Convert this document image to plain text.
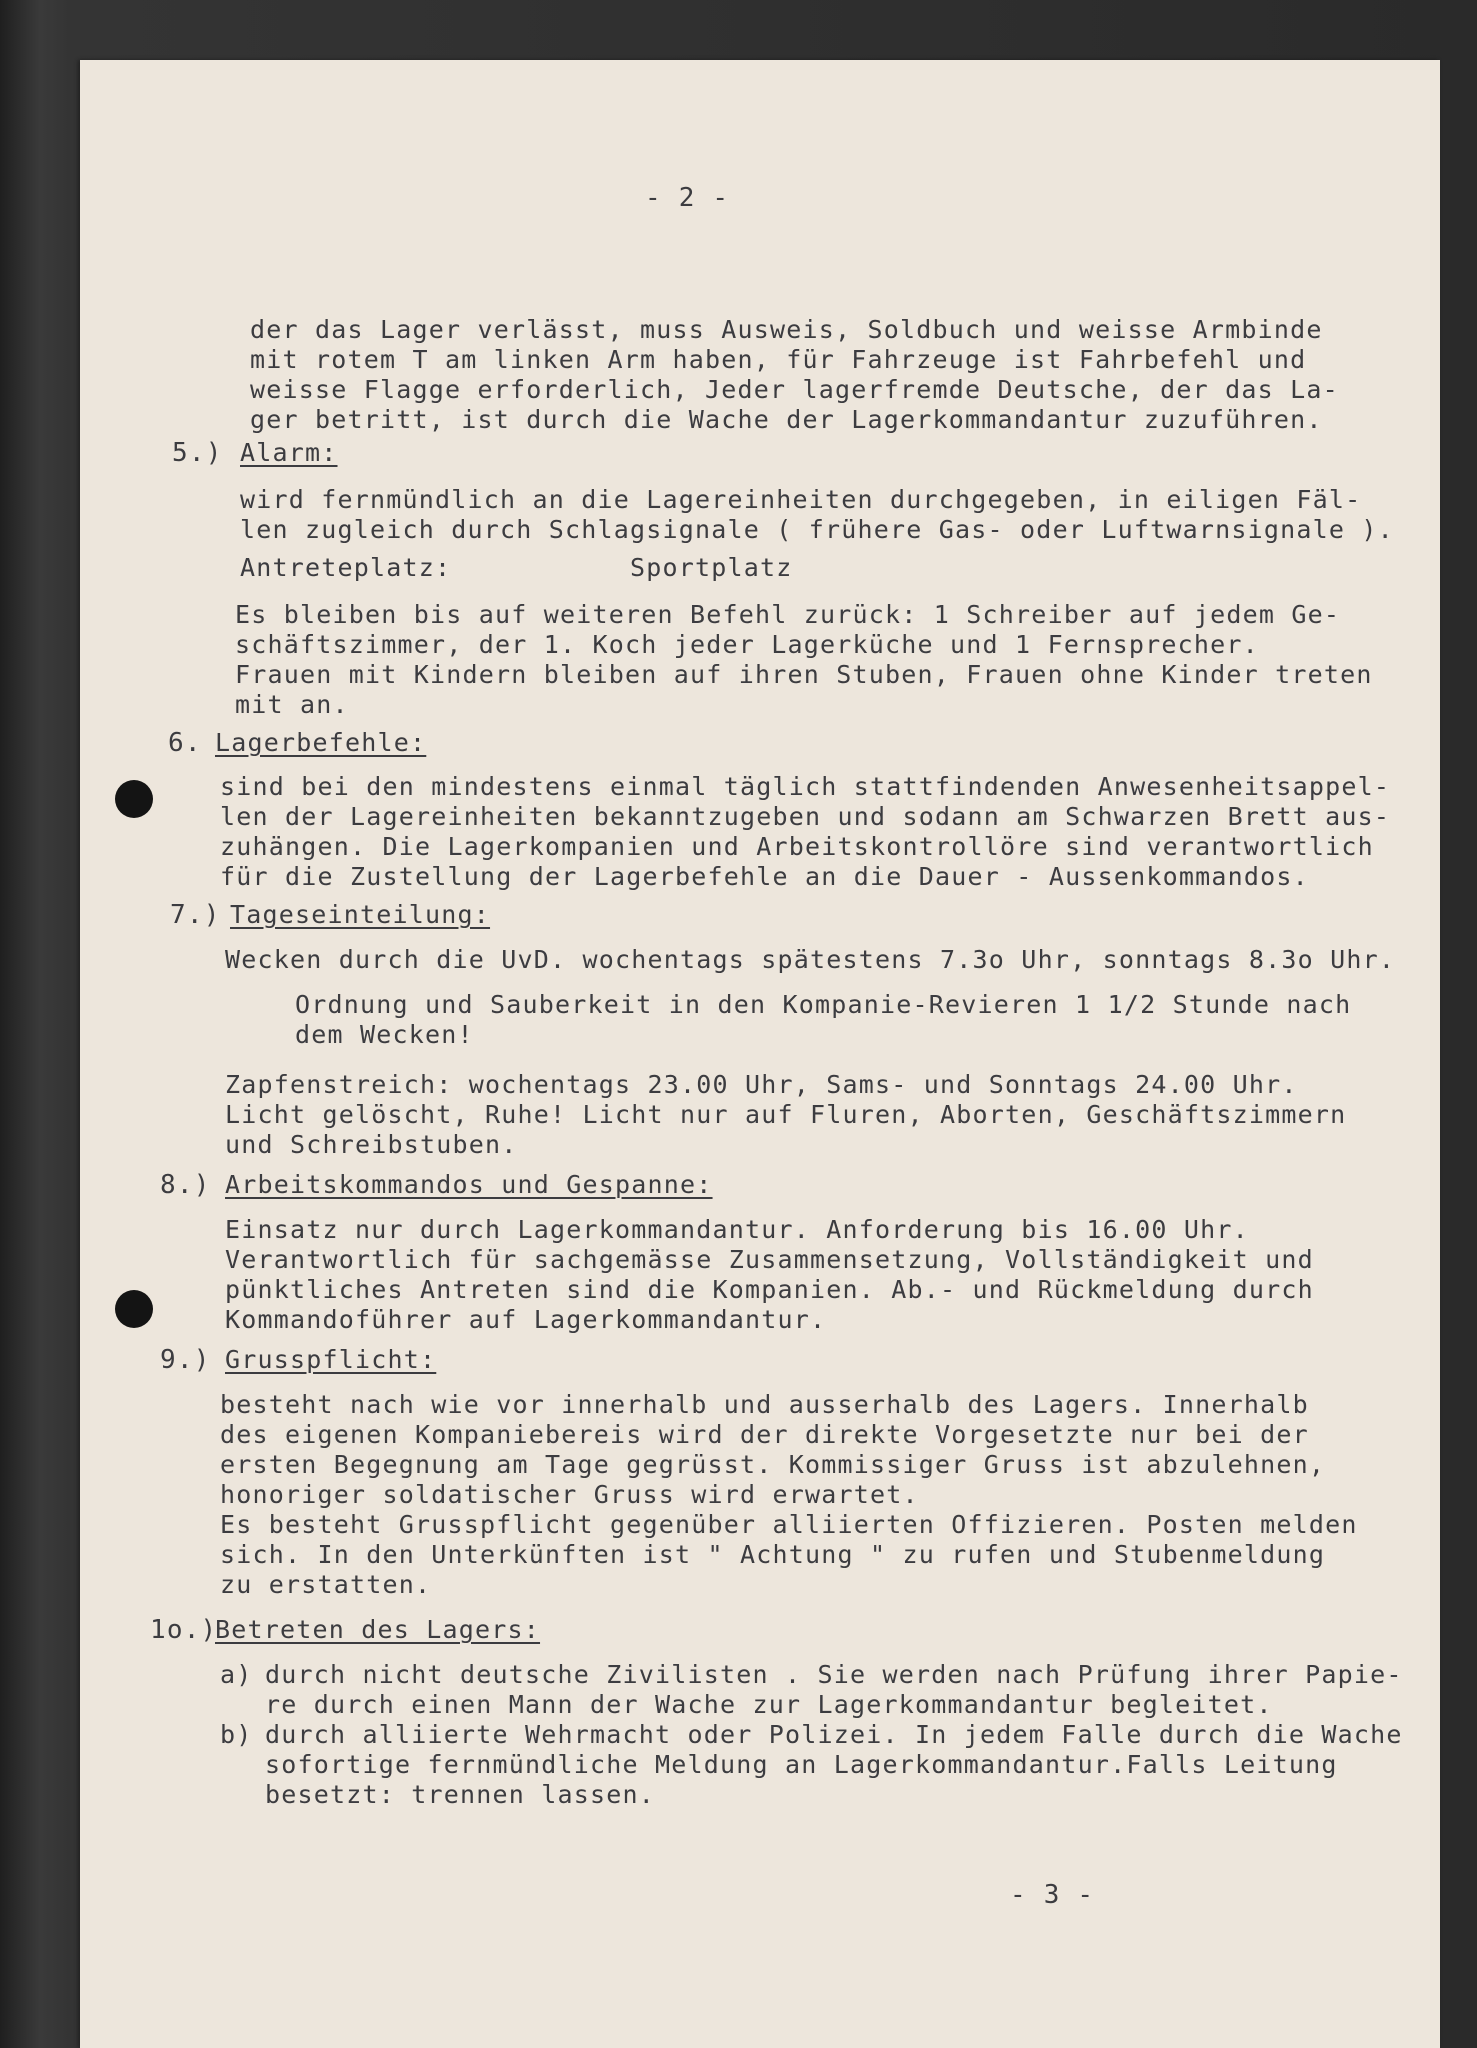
- 2 -
der das Lager verlässt, muss Ausweis, Soldbuch und weisse Armbinde
mit rotem T am linken Arm haben, für Fahrzeuge ist Fahrbefehl und
weisse Flagge erforderlich, Jeder lagerfremde Deutsche, der das La-
ger betritt, ist durch die Wache der Lagerkommandantur zuzuführen.
5.) Alarm:
wird fernmündlich an die Lagereinheiten durchgegeben, in eiligen Fäl-
len zugleich durch Schlagsignale ( frühere Gas- oder Luftwarnsignale ).
Antreteplatz:           Sportplatz
Es bleiben bis auf weiteren Befehl zurück: 1 Schreiber auf jedem Ge-
schäftszimmer, der 1. Koch jeder Lagerküche und 1 Fernsprecher.
Frauen mit Kindern bleiben auf ihren Stuben, Frauen ohne Kinder treten
mit an.
6. Lagerbefehle:
sind bei den mindestens einmal täglich stattfindenden Anwesenheitsappel-
len der Lagereinheiten bekanntzugeben und sodann am Schwarzen Brett aus-
zuhängen. Die Lagerkompanien und Arbeitskontrollöre sind verantwortlich
für die Zustellung der Lagerbefehle an die Dauer - Aussenkommandos.
7.) Tageseinteilung:
Wecken durch die UvD. wochentags spätestens 7.3o Uhr, sonntags 8.3o Uhr.
Ordnung und Sauberkeit in den Kompanie-Revieren 1 1/2 Stunde nach
dem Wecken!
Zapfenstreich: wochentags 23.00 Uhr, Sams- und Sonntags 24.00 Uhr.
Licht gelöscht, Ruhe! Licht nur auf Fluren, Aborten, Geschäftszimmern
und Schreibstuben.
8.) Arbeitskommandos und Gespanne:
Einsatz nur durch Lagerkommandantur. Anforderung bis 16.00 Uhr.
Verantwortlich für sachgemässe Zusammensetzung, Vollständigkeit und
pünktliches Antreten sind die Kompanien. Ab.- und Rückmeldung durch
Kommandoführer auf Lagerkommandantur.
9.) Grusspflicht:
besteht nach wie vor innerhalb und ausserhalb des Lagers. Innerhalb
des eigenen Kompaniebereis wird der direkte Vorgesetzte nur bei der
ersten Begegnung am Tage gegrüsst. Kommissiger Gruss ist abzulehnen,
honoriger soldatischer Gruss wird erwartet.
Es besteht Grusspflicht gegenüber alliierten Offizieren. Posten melden
sich. In den Unterkünften ist " Achtung " zu rufen und Stubenmeldung
zu erstatten.
1o.)
Betreten des Lagers:
a) durch nicht deutsche Zivilisten . Sie werden nach Prüfung ihrer Papie-
re durch einen Mann der Wache zur Lagerkommandantur begleitet.
b) durch alliierte Wehrmacht oder Polizei. In jedem Falle durch die Wache
sofortige fernmündliche Meldung an Lagerkommandantur.Falls Leitung
besetzt: trennen lassen.
- 3 -
